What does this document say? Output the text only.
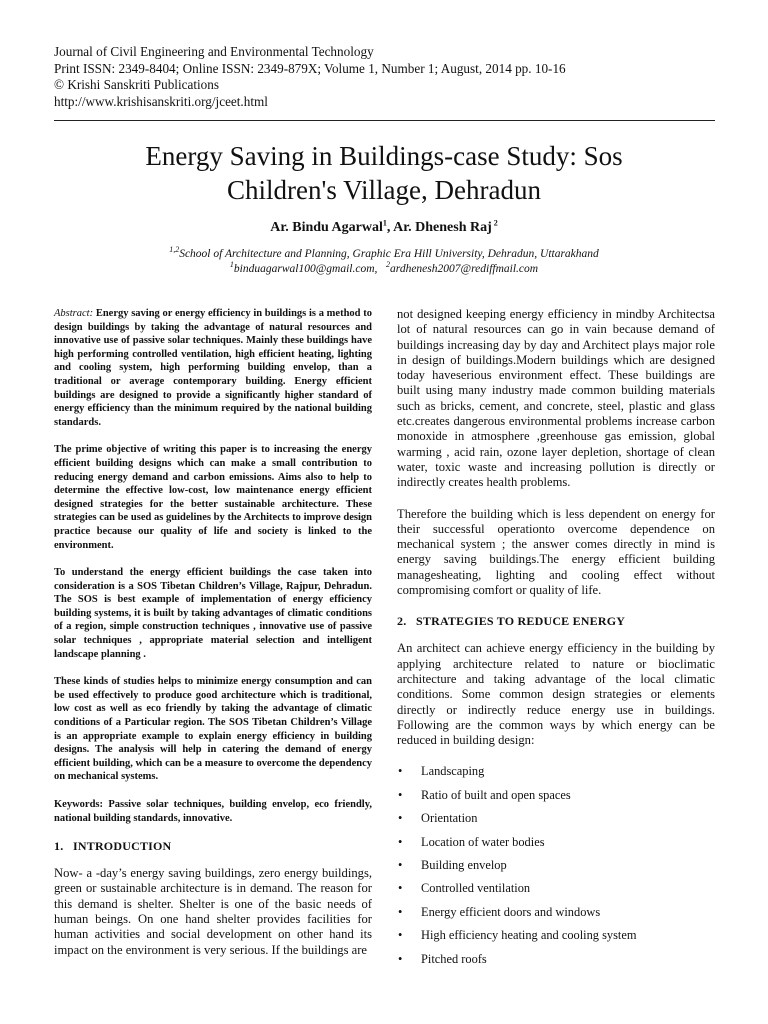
Journal of Civil Engineering and Environmental Technology
Print ISSN: 2349-8404; Online ISSN: 2349-879X; Volume 1, Number 1; August, 2014 pp. 10-16
© Krishi Sanskriti Publications
http://www.krishisanskriti.org/jceet.html
Energy Saving in Buildings-case Study: Sos
Children's Village, Dehradun
Ar. Bindu Agarwal$^1$, Ar. Dhenesh Raj $^2$
$^{1,2}$School of Architecture and Planning, Graphic Era Hill University, Dehradun, Uttarakhand
$^1$binduagarwal100@gmail.com, $^2$ardhenesh2007@rediffmail.com

Abstract: Energy saving or energy efficiency in buildings is a method to design buildings by taking the advantage of natural resources and innovative use of passive solar techniques. Mainly these buildings have high performing controlled ventilation, high efficient heating, lighting and cooling system, high performing building envelop, than a traditional or average contemporary building. Energy efficient buildings are designed to provide a significantly higher standard of energy efficiency than the minimum required by the national building standards.

The prime objective of writing this paper is to increasing the energy efficient building designs which can make a small contribution to reducing energy demand and carbon emissions. Aims also to help to determine the effective low-cost, low maintenance energy efficient designed strategies for the better sustainable architecture. These strategies can be used as guidelines by the Architects to improve design practice because our quality of life and society is linked to the environment.

To understand the energy efficient buildings the case taken into consideration is a SOS Tibetan Children’s Village, Rajpur, Dehradun. The SOS is best example of implementation of energy efficiency building systems, it is built by taking advantages of climatic conditions of a region, simple construction techniques , innovative use of passive solar techniques , appropriate material selection and intelligent landscape planning .

These kinds of studies helps to minimize energy consumption and can be used effectively to produce good architecture which is traditional, low cost as well as eco friendly by taking the advantage of climatic conditions of a Particular region. The SOS Tibetan Children’s Village is an appropriate example to explain energy efficiency in building designs. The analysis will help in catering the demand of energy efficient building, which can be a measure to overcome the dependency on mechanical systems.

Keywords: Passive solar techniques, building envelop, eco friendly, national building standards, innovative.

1.   INTRODUCTION

Now- a -day’s energy saving buildings, zero energy buildings, green or sustainable architecture is in demand. The reason for this demand is shelter. Shelter is one of the basic needs of human beings. On one hand shelter provides facilities for human activities and social development on other hand its impact on the environment is very serious. If the buildings are

not designed keeping energy efficiency in mindby Architectsa lot of natural resources can go in vain because demand of buildings increasing day by day and Architect plays major role in design of buildings.Modern buildings which are designed today haveserious environment effect. These buildings are built using many industry made common building materials such as bricks, cement, and concrete, steel, plastic and glass etc.creates dangerous environmental problems increase carbon monoxide in atmosphere ,greenhouse gas emission, global warming , acid rain, ozone layer depletion, shortage of clean water, toxic waste and increasing pollution is directly or indirectly creates health problems.

Therefore the building which is less dependent on energy for their successful operationto overcome dependence on mechanical system ; the answer comes directly in mind is energy saving buildings.The energy efficient building managesheating, lighting and cooling effect without compromising comfort or quality of life.

2.   STRATEGIES TO REDUCE ENERGY

An architect can achieve energy efficiency in the building by applying architecture related to nature or bioclimatic architecture and taking advantage of the local climatic conditions. Some common design strategies or elements directly or indirectly reduce energy use in buildings. Following are the common ways by which energy can be reduced in building design:

• Landscaping
• Ratio of built and open spaces
• Orientation
• Location of water bodies
• Building envelop
• Controlled ventilation
• Energy efficient doors and windows
• High efficiency heating and cooling system
• Pitched roofs
